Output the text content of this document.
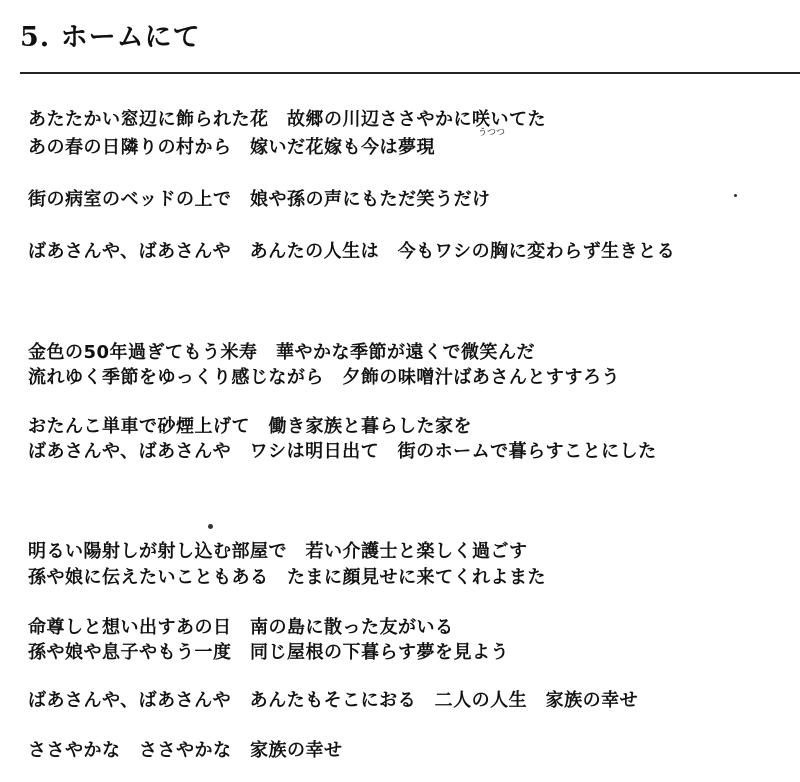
5. ホームにて
あたたかい窓辺に飾られた花　故郷の川辺ささやかに咲いてた
うつつ
あの春の日隣りの村から　嫁いだ花嫁も今は夢現
街の病室のベッドの上で　娘や孫の声にもただ笑うだけ
ばあさんや、ばあさんや　あんたの人生は　今もワシの胸に変わらず生きとる
金色の50年過ぎてもう米寿　華やかな季節が遠くで微笑んだ
流れゆく季節をゆっくり感じながら　夕飾の味噌汁ばあさんとすすろう
おたんこ単車で砂煙上げて　働き家族と暮らした家を
ばあさんや、ばあさんや　ワシは明日出て　街のホームで暮らすことにした
明るい陽射しが射し込む部屋で　若い介護士と楽しく過ごす
孫や娘に伝えたいこともある　たまに顔見せに来てくれよまた
命尊しと想い出すあの日　南の島に散った友がいる
孫や娘や息子やもう一度　同じ屋根の下暮らす夢を見よう
ばあさんや、ばあさんや　あんたもそこにおる　二人の人生　家族の幸せ
ささやかな　ささやかな　家族の幸せ
